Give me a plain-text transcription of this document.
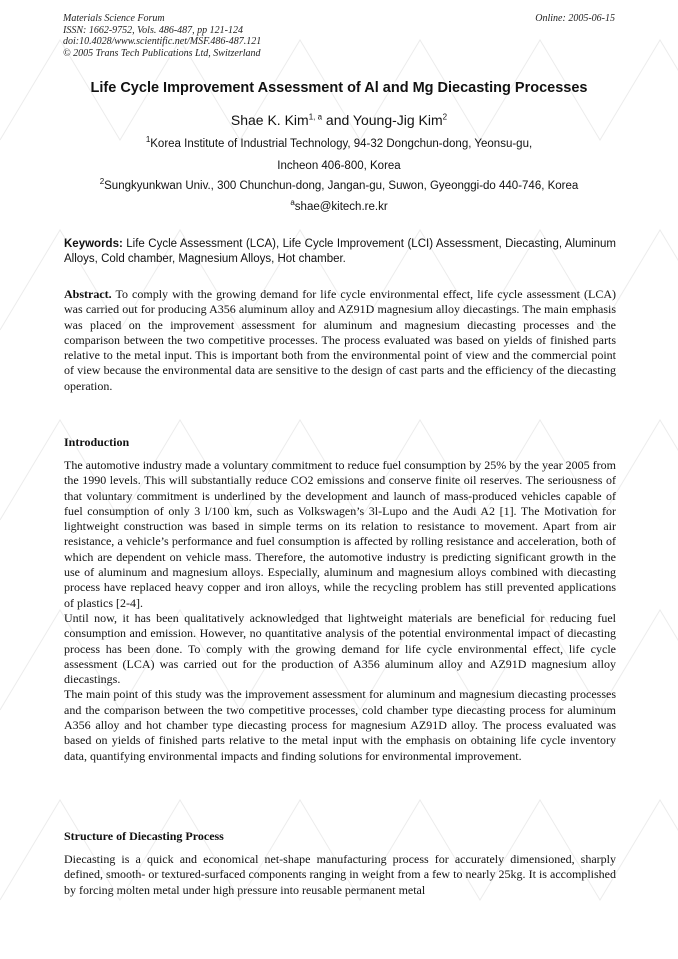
Materials Science Forum
ISSN: 1662-9752, Vols. 486-487, pp 121-124
doi:10.4028/www.scientific.net/MSF.486-487.121
© 2005 Trans Tech Publications Ltd, Switzerland
Online: 2005-06-15
Life Cycle Improvement Assessment of Al and Mg Diecasting Processes
Shae K. Kim$^{1, a}$ and Young-Jig Kim$^2$
$^1$Korea Institute of Industrial Technology, 94-32 Dongchun-dong, Yeonsu-gu,
Incheon 406-800, Korea
$^2$Sungkyunkwan Univ., 300 Chunchun-dong, Jangan-gu, Suwon, Gyeonggi-do 440-746, Korea
$^a$shae@kitech.re.kr
Keywords: Life Cycle Assessment (LCA), Life Cycle Improvement (LCI) Assessment, Diecasting, Aluminum Alloys, Cold chamber, Magnesium Alloys, Hot chamber.
Abstract. To comply with the growing demand for life cycle environmental effect, life cycle assessment (LCA) was carried out for producing A356 aluminum alloy and AZ91D magnesium alloy diecastings. The main emphasis was placed on the improvement assessment for aluminum and magnesium diecasting processes and the comparison between the two competitive processes. The process evaluated was based on yields of finished parts relative to the metal input. This is important both from the environmental point of view and the commercial point of view because the environmental data are sensitive to the design of cast parts and the efficiency of the diecasting operation.
Introduction

The automotive industry made a voluntary commitment to reduce fuel consumption by 25% by the year 2005 from the 1990 levels. This will substantially reduce CO2 emissions and conserve finite oil reserves. The seriousness of that voluntary commitment is underlined by the development and launch of mass-produced vehicles capable of fuel consumption of only 3 l/100 km, such as Volkswagen’s 3l-Lupo and the Audi A2 [1]. The Motivation for lightweight construction was based in simple terms on its relation to resistance to movement. Apart from air resistance, a vehicle’s performance and fuel consumption is affected by rolling resistance and acceleration, both of which are dependent on vehicle mass. Therefore, the automotive industry is predicting significant growth in the use of aluminum and magnesium alloys. Especially, aluminum and magnesium alloys combined with diecasting process have replaced heavy copper and iron alloys, while the recycling problem has still prevented applications of plastics [2-4].

Until now, it has been qualitatively acknowledged that lightweight materials are beneficial for reducing fuel consumption and emission. However, no quantitative analysis of the potential environmental impact of diecasting process has been done. To comply with the growing demand for life cycle environmental effect, life cycle assessment (LCA) was carried out for the production of A356 aluminum alloy and AZ91D magnesium alloy diecastings.

The main point of this study was the improvement assessment for aluminum and magnesium diecasting processes and the comparison between the two competitive processes, cold chamber type diecasting process for aluminum A356 alloy and hot chamber type diecasting process for magnesium AZ91D alloy. The process evaluated was based on yields of finished parts relative to the metal input with the emphasis on obtaining life cycle inventory data, quantifying environmental impacts and finding solutions for environmental improvement.

Structure of Diecasting Process

Diecasting is a quick and economical net-shape manufacturing process for accurately dimensioned, sharply defined, smooth- or textured-surfaced components ranging in weight from a few to nearly 25kg. It is accomplished by forcing molten metal under high pressure into reusable permanent metal
